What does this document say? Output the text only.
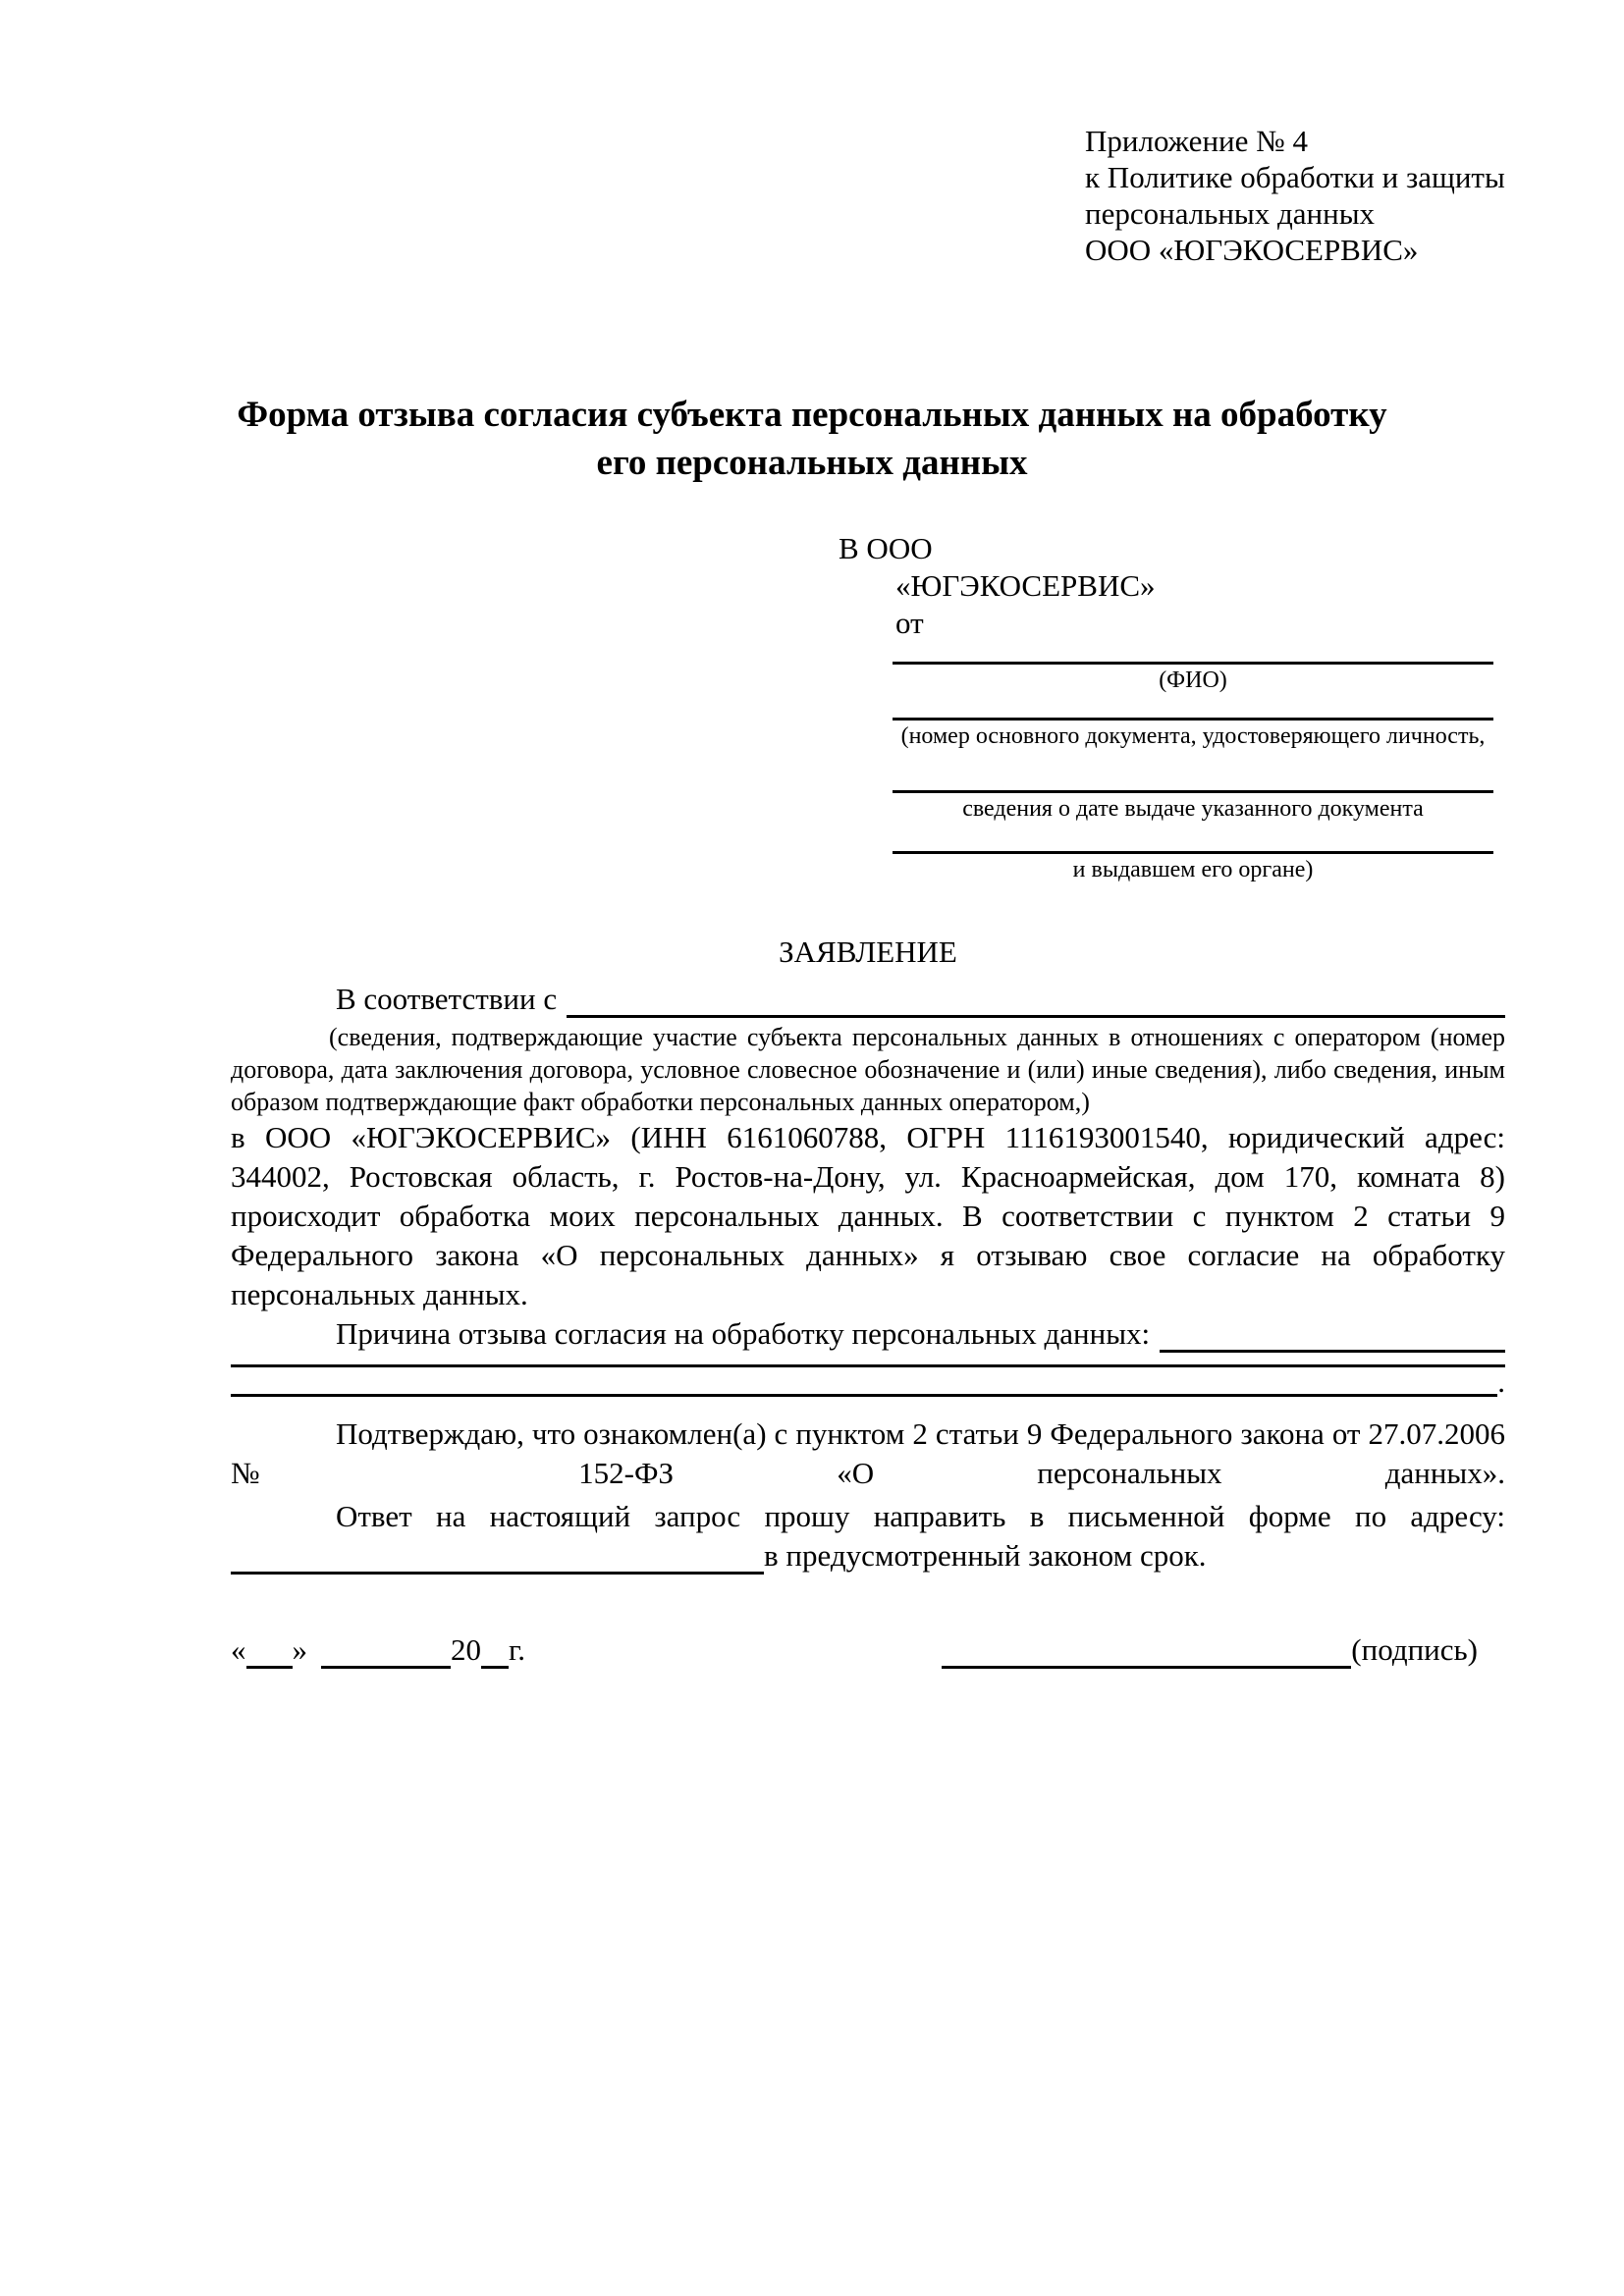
Приложение № 4
к Политике обработки и защиты
персональных данных
ООО «ЮГЭКОСЕРВИС»
Форма отзыва согласия субъекта персональных данных на обработку
его персональных данных
В ООО
«ЮГЭКОСЕРВИС»
от
(ФИО)
(номер основного документа, удостоверяющего личность,
сведения о дате выдаче указанного документа
и выдавшем его органе)
ЗАЯВЛЕНИЕ
В соответствии с
(сведения, подтверждающие участие субъекта персональных данных в отношениях с оператором (номер договора, дата заключения договора, условное словесное обозначение и (или) иные сведения), либо сведения, иным образом подтверждающие факт обработки персональных данных оператором,)
в ООО «ЮГЭКОСЕРВИС» (ИНН 6161060788, ОГРН 1116193001540, юридический адрес: 344002, Ростовская область, г. Ростов-на-Дону, ул. Красноармейская, дом 170, комната 8) происходит обработка моих персональных данных. В соответствии с пунктом 2 статьи 9 Федерального закона «О персональных данных» я отзываю свое согласие на обработку персональных данных.
Причина отзыва согласия на обработку персональных данных:
.
Подтверждаю, что ознакомлен(а) с пунктом 2 статьи 9 Федерального закона от 27.07.2006 № 152-ФЗ «О персональных данных».
Ответ на настоящий запрос прошу направить в письменной форме по адресу:
в предусмотренный законом срок.
« »	20 г.	(подпись)
